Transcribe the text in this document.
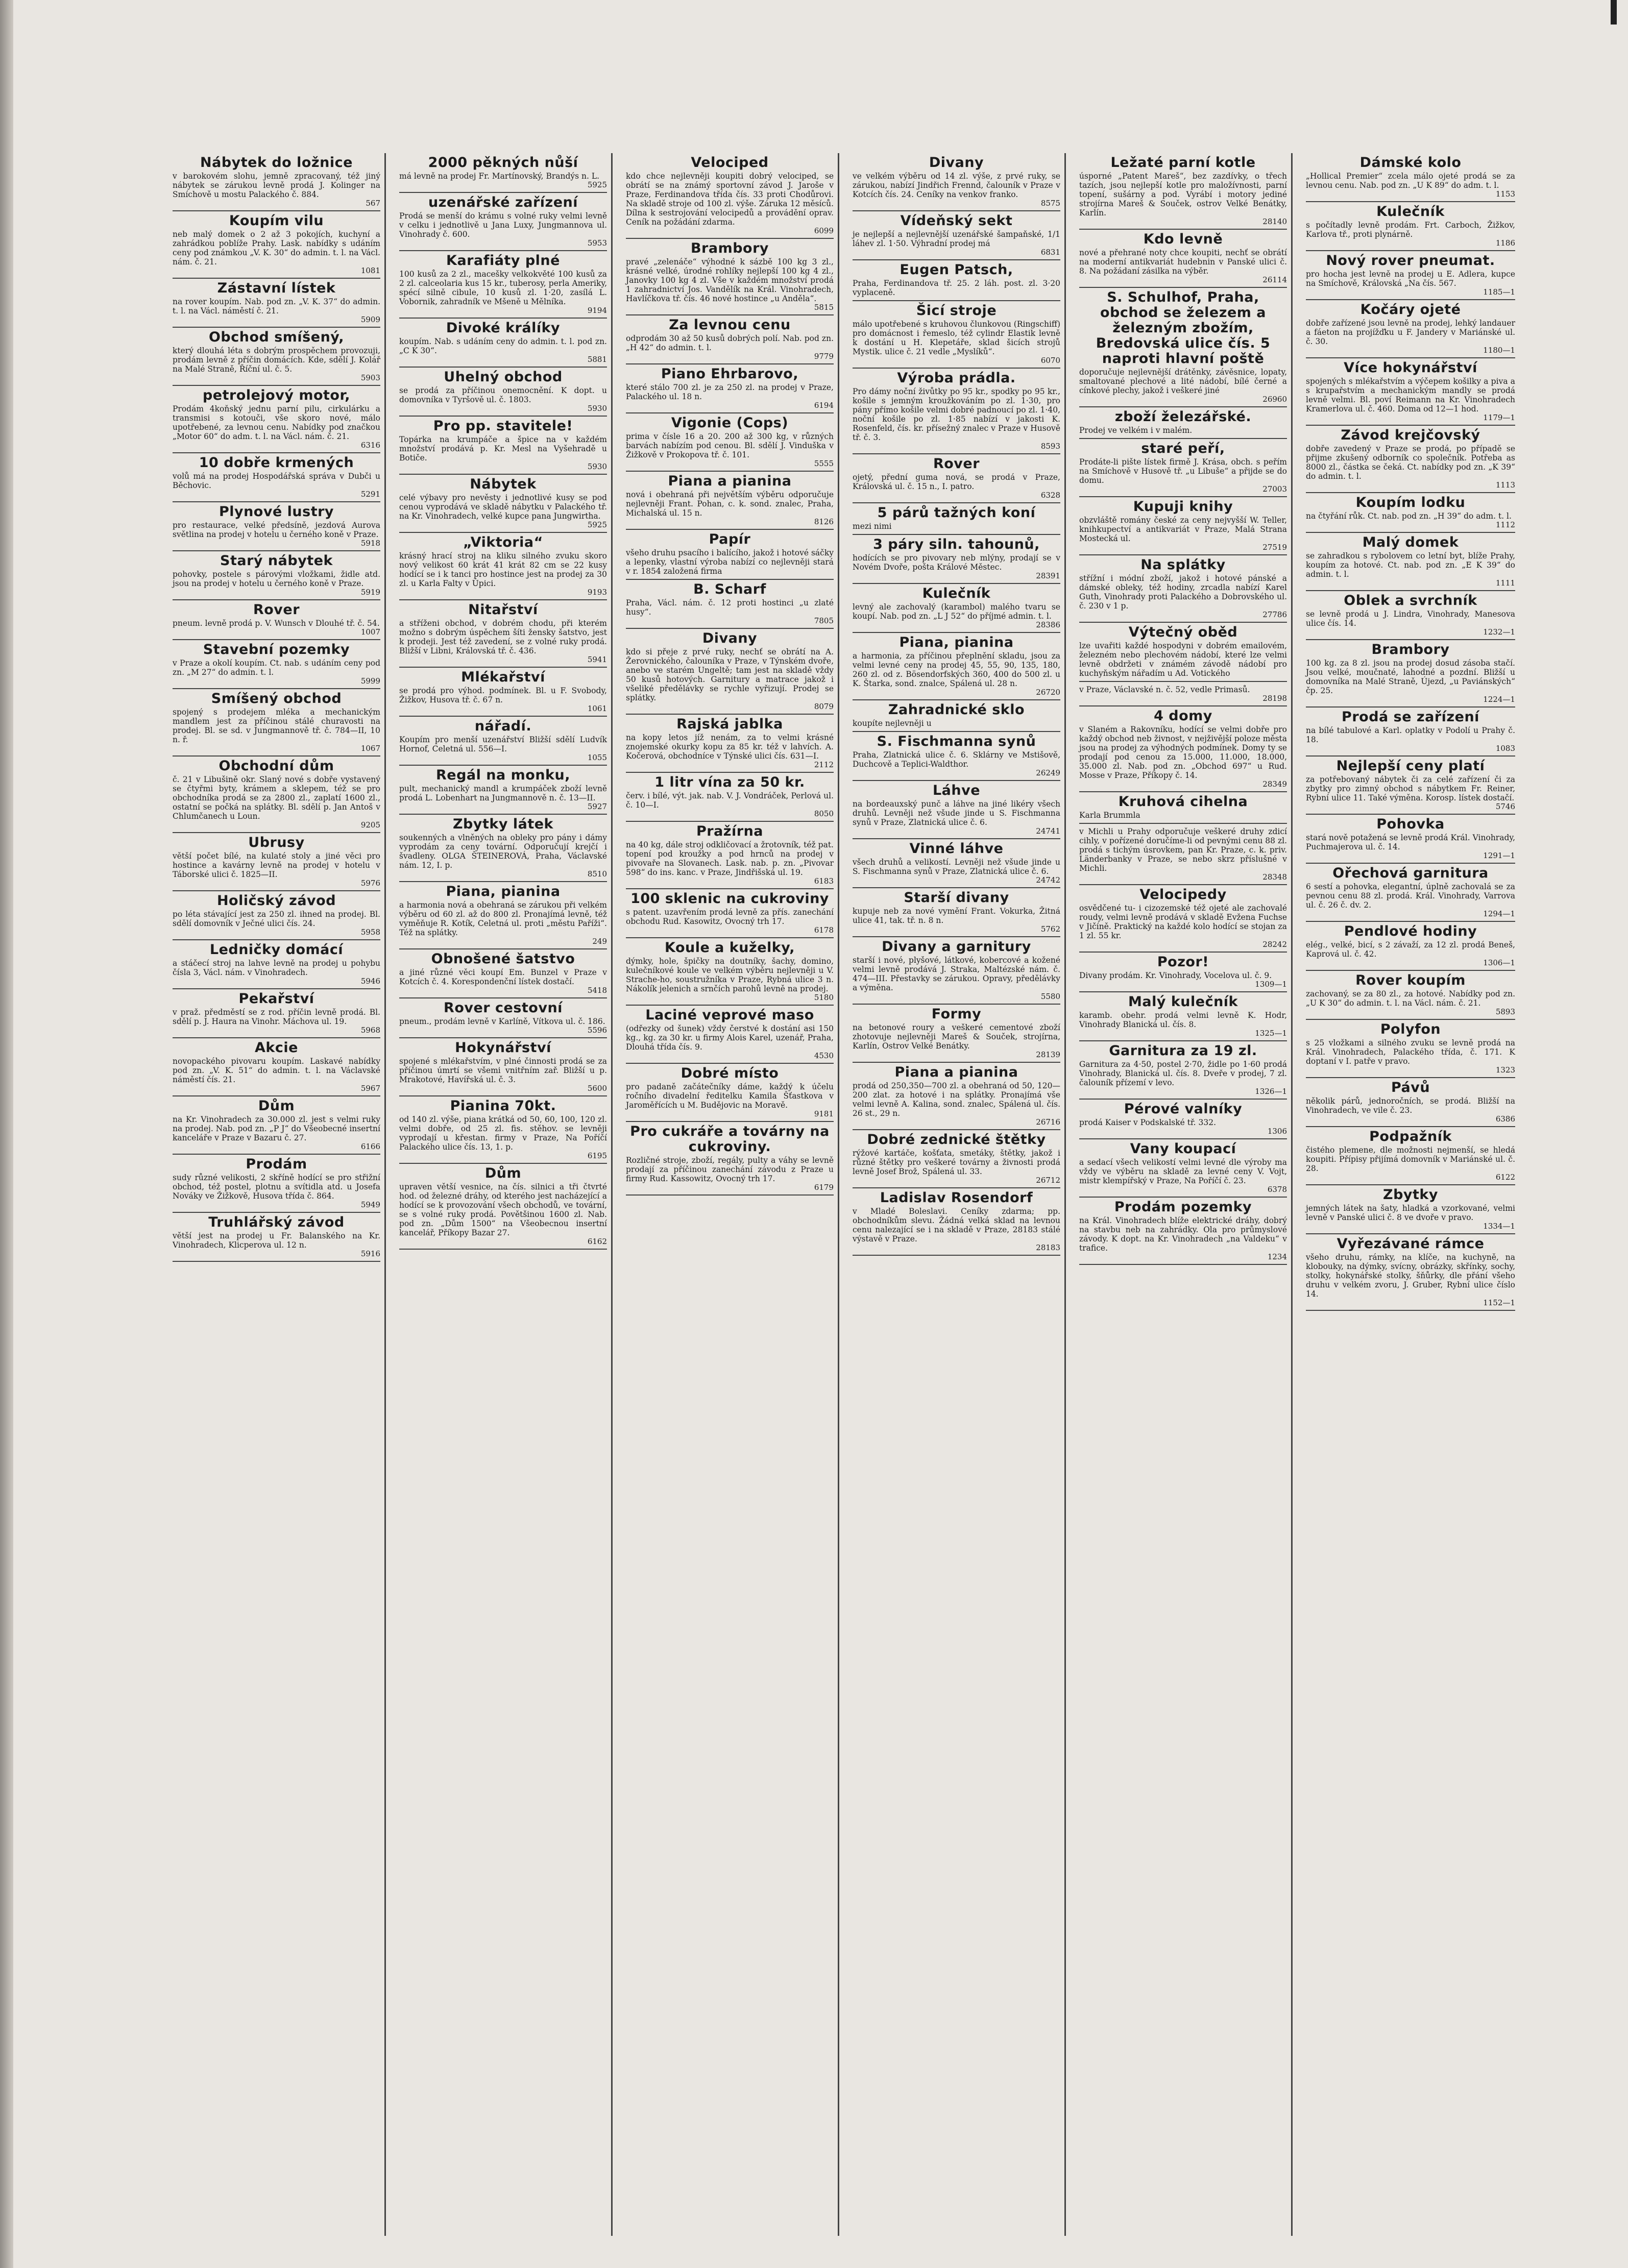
Nábytek do ložnice

v barokovém slohu, jemně zpracovaný, též jiný nábytek se zárukou levně prodá J. Kolinger na Smíchově u mostu Palackého č. 884.

567
Koupím vilu

neb malý domek o 2 až 3 pokojích, kuchyní a zahrádkou poblíže Prahy. Lask. nabídky s udáním ceny pod známkou „V. K. 30“ do admin. t. l. na Václ. nám. č. 21.

1081
Zástavní lístek

na rover koupím. Nab. pod zn. „V. K. 37“ do admin. t. l. na Václ. náměstí č. 21.

5909
Obchod smíšený,

který dlouhá léta s dobrým prospěchem provozuji, prodám levně z příčin domácích. Kde, sdělí J. Kolář na Malé Straně, Říční ul. č. 5.

5903
petrolejový motor,

Prodám 4koňský jednu parní pilu, cirkulárku a transmisi s kotouči, vše skoro nové, málo upotřebené, za levnou cenu. Nabídky pod značkou „Motor 60“ do adm. t. l. na Václ. nám. č. 21.

6316
10 dobře krmených

volů má na prodej Hospodářská správa v Dubči u Běchovic.

5291
Plynové lustry

pro restaurace, velké předsíně, jezdová Aurova světlina na prodej v hotelu u černého koně v Praze.

5918
Starý nábytek

pohovky, postele s párovými vložkami, židle atd. jsou na prodej v hotelu u černého koně v Praze.

5919
Rover

pneum. levně prodá p. V. Wunsch v Dlouhé tř. č. 54.

1007
Stavební pozemky

v Praze a okolí koupím. Ct. nab. s udáním ceny pod zn. „M 27“ do admin. t. l.

5999
Smíšený obchod

spojený s prodejem mléka a mechanickým mandlem jest za příčinou stálé churavosti na prodej. Bl. se sd. v Jungmannově tř. č. 784—II, 10 n. ř.

1067
Obchodní dům

č. 21 v Libušině okr. Slaný nové s dobře vystavený se čtyřmi byty, krámem a sklepem, též se pro obchodníka prodá se za 2800 zl., zaplatí 1600 zl., ostatní se počká na splátky. Bl. sdělí p. Jan Antoš v Chlumčanech u Loun.

9205
Ubrusy

větší počet bílé, na kulaté stoly a jiné věci pro hostince a kavárny levně na prodej v hotelu v Táborské ulici č. 1825—II.

5976
Holičský závod

po léta stávající jest za 250 zl. ihned na prodej. Bl. sdělí domovník v Ječné ulici čís. 24.

5958
Ledničky domácí

a stáčecí stroj na lahve levně na prodej u pohybu čísla 3, Václ. nám. v Vinohradech.

5946
Pekařství

v praž. předměstí se z rod. příčin levně prodá. Bl. sdělí p. J. Haura na Vinohr. Máchova ul. 19.

5968
Akcie

novopackého pivovaru koupím. Laskavé nabídky pod zn. „V. K. 51“ do admin. t. l. na Václavské náměstí čís. 21.

5967
Dům

na Kr. Vinohradech za 30.000 zl. jest s velmi ruky na prodej. Nab. pod zn. „P J“ do Všeobecné insertní kanceláře v Praze v Bazaru č. 27.

6166
Prodám

sudy různé velikosti, 2 skříně hodící se pro střižní obchod, též postel, plotnu a svítidla atd. u Josefa Nováky ve Žižkově, Husova třída č. 864.

5949
Truhlářský závod

větší jest na prodej u Fr. Balanského na Kr. Vinohradech, Klicperova ul. 12 n.

5916
2000 pěkných nůší

má levně na prodej Fr. Martínovský, Brandýs n. L.

5925
uzenářské zařízení

Prodá se menší do krámu s volné ruky velmi levně v celku i jednotlivě u Jana Luxy, Jungmannova ul. Vinohrady č. 600.

5953
Karafiáty plné

100 kusů za 2 zl., macešky velkokvěté 100 kusů za 2 zl. calceolaria kus 15 kr., tuberosy, perla Ameriky, spécí silně cibule, 10 kusů zl. 1·20, zasílá L. Vobornik, zahradník ve Mšeně u Mělníka.

9194
Divoké králíky

koupím. Nab. s udáním ceny do admin. t. l. pod zn. „C K 30“.

5881
Uhelný obchod

se prodá za příčinou onemocnění. K dopt. u domovníka v Tyršově ul. č. 1803.

5930
Pro pp. stavitele!

Topárka na krumpáče a špice na v každém množství prodává p. Kr. Mesl na Vyšehradě u Botiče.

5930
Nábytek

celé výbavy pro nevěsty i jednotlivé kusy se pod cenou vyprodává ve skladě nábytku v Palackého tř. na Kr. Vinohradech, velké kupce pana Jungwirtha.

5925
„Viktoria“

krásný hrací stroj na kliku silného zvuku skoro nový velikost 60 krát 41 krát 82 cm se 22 kusy hodící se i k tanci pro hostince jest na prodej za 30 zl. u Karla Falty v Úpici.

9193
Nitařství

a stříženi obchod, v dobrém chodu, při kterém možno s dobrým úspěchem šíti žensky šatstvo, jest k prodeji. Jest též zavedení, se z volné ruky prodá. Bližší v Libni, Královská tř. č. 436.

5941
Mlékařství

se prodá pro výhod. podmínek. Bl. u F. Svobody, Žižkov, Husova tř. č. 67 n.

1061
nářadí.

Koupím pro menší uzenářství Bližší sdělí Ludvík Hornof, Celetná ul. 556—I.

1055
Regál na monku,

pult, mechanický mandl a krumpáček zboží levně prodá L. Lobenhart na Jungmannově n. č. 13—II.

5927
Zbytky látek

soukenných a vlněných na obleky pro pány i dámy vyprodám za ceny tovární. Odporučují krejčí i švadleny. OLGA ŠTEINEROVÁ, Praha, Václavské nám. 12, I. p.

8510
Piana, pianina

a harmonia nová a obehraná se zárukou při velkém výběru od 60 zl. až do 800 zl. Pronajímá levně, též vyměňuje R. Kotík, Celetná ul. proti „městu Paříži“. Též na splátky.

249
Obnošené šatstvo

a jiné různé věci koupí Em. Bunzel v Praze v Kotcích č. 4. Korespondenční lístek dostačí.

5418
Rover cestovní

pneum., prodám levně v Karlíně, Vítkova ul. č. 186.

5596
Hokynářství

spojené s mlékařstvím, v plné činnosti prodá se za příčinou úmrtí se všemi vnitřním zař. Bližší u p. Mrakotové, Havířská ul. č. 3.

5600
Pianina 70kt.

od 140 zl. výše, piana krátká od 50, 60, 100, 120 zl. velmi dobře, od 25 zl. fis. stěhov. se levněji vyprodají u křestan. firmy v Praze, Na Poříčí Palackého ulice čís. 13, 1. p.

6195
Dům

upraven větší vesnice, na čís. silnici a tři čtvrté hod. od železné dráhy, od kterého jest nacházející a hodící se k provozování všech obchodů, ve tovární, se s volné ruky prodá. Povětšinou 1600 zl. Nab. pod zn. „Dům 1500“ na Všeobecnou insertní kancelář, Příkopy Bazar 27.

6162
Velociped

kdo chce nejlevněji koupiti dobrý velociped, se obrátí se na známý sportovní závod J. Jaroše v Praze, Ferdinandova třída čís. 33 proti Chodůrovi. Na skladě stroje od 100 zl. výše. Záruka 12 měsíců. Dílna k sestrojování velocipedů a provádění oprav. Ceník na požádání zdarma.

6099
Brambory

pravé „zelenáče“ výhodné k sázbě 100 kg 3 zl., krásné velké, úrodné rohlíky nejlepší 100 kg 4 zl., Janovky 100 kg 4 zl. Vše v každém množství prodá 1 zahradnictví Jos. Vandělík na Král. Vinohradech, Havlíčkova tř. čís. 46 nové hostince „u Anděla“.

5815
Za levnou cenu

odprodám 30 až 50 kusů dobrých polí. Nab. pod zn. „H 42“ do admin. t. l.

9779
Piano Ehrbarovo,

které stálo 700 zl. je za 250 zl. na prodej v Praze, Palackého ul. 18 n.

6194
Vigonie (Cops)

prima v čísle 16 a 20. 200 až 300 kg, v různých barvách nabízím pod cenou. Bl. sdělí J. Vinduška v Žižkově v Prokopova tř. č. 101.

5555
Piana a pianina

nová i obehraná při největším výběru odporučuje nejlevněji Frant. Pohan, c. k. sond. znalec, Praha, Michalská ul. 15 n.

8126
Papír

všeho druhu psacího i balícího, jakož i hotové sáčky a lepenky, vlastní výroba nabízí co nejlevněji stará v r. 1854 založená firma

B. Scharf

Praha, Václ. nám. č. 12 proti hostinci „u zlaté husy“.

7805
Divany

kdo si přeje z prvé ruky, nechť se obrátí na A. Žerovnického, čalouníka v Praze, v Týnském dvoře, anebo ve starém Ungeltě; tam jest na skladě vždy 50 kusů hotových. Garnitury a matrace jakož i všeliké předělávky se rychle vyřizují. Prodej se splátky.

8079
Rajská jablka

na kopy letos jíž nenám, za to velmi krásné znojemské okurky kopu za 85 kr. též v lahvích. A. Kočerová, obchodníce v Týnské ulici čís. 631—I.

2112
1 litr vína za 50 kr.

červ. i bílé, výt. jak. nab. V. J. Vondráček, Perlová ul. č. 10—I.

8050
Pražírna

na 40 kg, dále stroj odkličovací a žrotovník, též pat. topení pod kroužky a pod hrnců na prodej v pivovaře na Slovanech. Lask. nab. p. zn. „Pivovar 598“ do ins. kanc. v Praze, Jindřišská ul. 19.

6183
100 sklenic na cukroviny

s patent. uzavřením prodá levně za přís. zanechání obchodu Rud. Kasowitz, Ovocný trh 17.

6178
Koule a kuželky,

dýmky, hole, špičky na doutníky, šachy, domino, kulečníkové koule ve velkém výběru nejlevněji u V. Strache-ho, soustružníka v Praze, Rybná ulice 3 n. Nákolík jelenich a srnčích parohů levně na prodej.

5180
Laciné veprové maso

(odřezky od šunek) vždy čerstvé k dostání asi 150 kg., kg. za 30 kr. u firmy Alois Karel, uzenář, Praha, Dlouhá třída čís. 9.

4530
Dobré místo

pro padaně začátečníky dáme, každý k účelu ročního divadelní ředitelku Kamila Šťastkova v Jaroměřících u M. Budějovic na Moravě.

9181
Pro cukráře a továrny na cukroviny.

Rozličné stroje, zboží, regály, pulty a váhy se levně prodají za příčinou zanechání závodu z Praze u firmy Rud. Kassowitz, Ovocný trh 17.

6179
Divany

ve velkém výběru od 14 zl. výše, z prvé ruky, se zárukou, nabízí Jindřich Frennd, čalouník v Praze v Kotcích čís. 24. Ceníky na venkov franko.

8575
Vídeňský sekt

je nejlepší a nejlevnější uzenářské šampaňské, 1/1 láhev zl. 1·50. Výhradní prodej má

6831
Eugen Patsch,

Praha, Ferdinandova tř. 25. 2 láh. post. zl. 3·20 vyplaceně.

Šicí stroje

málo upotřebené s kruhovou člunkovou (Ringschiff) pro domácnost i řemeslo, též cylindr Elastik levně k dostání u H. Klepetáře, sklad šicích strojů Mystik. ulice č. 21 vedle „Myslíků“.

6070
Výroba prádla.

Pro dámy noční živůtky po 95 kr., spodky po 95 kr., košile s jemným kroužkováním po zl. 1·30, pro pány přímo košile velmi dobré padnoucí po zl. 1·40, noční košile po zl. 1·85 nabízí v jakosti K. Rosenfeld, čís. kr. přísežný znalec v Praze v Husově tř. č. 3.

8593
Rover

ojetý, přední guma nová, se prodá v Praze, Královská ul. č. 15 n., I. patro.

6328
5 párů tažných koní

mezi nimi

3 páry siln. tahounů,

hodících se pro pivovary neb mlýny, prodají se v Novém Dvoře, pošta Králové Městec.

28391
Kulečník

levný ale zachovalý (karambol) malého tvaru se koupí. Nab. pod zn. „L J 52“ do příjmé admin. t. l.

28386
Piana, pianina

a harmonia, za příčinou přeplnění skladu, jsou za velmi levné ceny na prodej 45, 55, 90, 135, 180, 260 zl. od z. Bösendorfských 360, 400 do 500 zl. u K. Štarka, sond. znalce, Spálená ul. 28 n.

26720
Zahradnické sklo

koupíte nejlevněji u

S. Fischmanna synů

Praha, Zlatnická ulice č. 6. Sklárny ve Mstišově, Duchcově a Teplici-Waldthor.

26249
Láhve

na bordeauxský punč a láhve na jiné likéry všech druhů. Levněji než všude jinde u S. Fischmanna synů v Praze, Zlatnická ulice č. 6.

24741
Vinné láhve

všech druhů a velikostí. Levněji než všude jinde u S. Fischmanna synů v Praze, Zlatnická ulice č. 6.

24742
Starší divany

kupuje neb za nové vymění Frant. Vokurka, Žitná ulice 41, tak. tř. n. 8 n.

5762
Divany a garnitury

starší i nové, plyšové, látkové, kobercové a kožené velmi levně prodává J. Straka, Maltézské nám. č. 474—III. Přestavky se zárukou. Opravy, předělávky a výměna.

5580
Formy

na betonové roury a veškeré cementové zboží zhotovuje nejlevněji Mareš & Souček, strojírna, Karlín, Ostrov Velké Benátky.

28139
Piana a pianina

prodá od 250,350—700 zl. a obehraná od 50, 120—200 zlat. za hotové i na splátky. Pronajímá vše velmi levně A. Kalina, sond. znalec, Spálená ul. čís. 26 st., 29 n.

26716
Dobré zednické štětky

rýžové kartáče, košťata, smetáky, štětky, jakož i různé štětky pro veškeré továrny a živnosti prodá levně Josef Brož, Spálená ul. 33.

26712
Ladislav Rosendorf

v Mladé Boleslavi. Ceníky zdarma; pp. obchodníkům slevu. Žádná velká sklad na levnou cenu nalezající se i na skladě v Praze, 28183 stálé výstavě v Praze.

28183
Ležaté parní kotle

úsporné „Patent Mareš“, bez zazdívky, o třech tazích, jsou nejlepší kotle pro maložívnosti, parní topení, sušárny a pod. Vyrábí i motory jediné strojírna Mareš & Souček, ostrov Velké Benátky, Karlín.

28140
Kdo levně

nové a přehrané noty chce koupiti, nechť se obrátí na moderní antikvariát hudebnin v Panské ulici č. 8. Na požádaní zásilka na výběr.

26114
S. Schulhof, Praha, obchod se železem a železným zbožím, Bredovská ulice čís. 5 naproti hlavní poště

doporučuje nejlevnější drátěnky, závěsnice, lopaty, smaltované plechové a lité nádobí, bílé černé a cínkové plechy, jakož i veškeré jiné

26960
zboží železářské.

Prodej ve velkém i v malém.

staré peří,

Prodáte-li pište lístek firmě J. Krása, obch. s peřím na Smíchově v Husově tř. „u Libuše“ a přijde se do domu.

27003
Kupuji knihy

obzvláště romány české za ceny nejvyšší W. Teller, knihkupectví a antikvariát v Praze, Malá Strana Mostecká ul.

27519
Na splátky

střížní i módní zboží, jakož i hotové pánské a dámské obleky, též hodiny, zrcadla nabízí Karel Guth, Vinohrady proti Palackého a Dobrovského ul. č. 230 v 1 p.

27786
Výtečný oběd

lze uvařiti každé hospodyni v dobrém emailovém, železném nebo plechovém nádobí, které lze velmi levně obdržeti v známém závodě nádobí pro kuchyňským nářadím u Ad. Votického

v Praze, Václavské n. č. 52, vedle Primasů.

28198
4 domy

v Slaném a Rakovníku, hodící se velmi dobře pro každý obchod neb živnost, v nejživější poloze města jsou na prodej za výhodných podmínek. Domy ty se prodají pod cenou za 15.000, 11.000, 18.000, 35.000 zl. Nab. pod zn. „Obchod 697“ u Rud. Mosse v Praze, Příkopy č. 14.

28349
Kruhová cihelna

Karla Brummla

v Michli u Prahy odporučuje veškeré druhy zdicí cihly, v pořízené doručíme-li od pevnými cenu 88 zl. prodá s tichým úsrovkem, pan Kr. Praze, c. k. priv. Länderbanky v Praze, se nebo skrz příslušné v Michli.

28348
Velocipedy

osvědčené tu- i cizozemské též ojeté ale zachovalé roudy, velmi levně prodává v skladě Evžena Fuchse v Jičíně. Praktický na každé kolo hodící se stojan za 1 zl. 55 kr.

28242
Pozor!

Divany prodám. Kr. Vinohrady, Vocelova ul. č. 9.

1309—1
Malý kulečník

karamb. obehr. prodá velmi levně K. Hodr, Vinohrady Blanická ul. čís. 8.

1325—1
Garnitura za 19 zl.

Garnitura za 4·50, postel 2·70, židle po 1·60 prodá Vinohrady, Blanická ul. čís. 8. Dveře v prodej, 7 zl. čalouník přízemí v levo.

1326—1
Pérové valníky

prodá Kaiser v Podskalské tř. 332.

1306
Vany koupací

a sedací všech velikostí velmi levné dle výroby ma vždy ve výběru na skladě za levné ceny V. Vojt, mistr klempířský v Praze, Na Poříčí č. 23.

6378
Prodám pozemky

na Král. Vinohradech blíže elektrické dráhy, dobrý na stavbu neb na zahrádky. Ola pro průmyslové závody. K dopt. na Kr. Vinohradech „na Valdeku“ v trafice.

1234
Dámské kolo

„Hollical Premier“ zcela málo ojeté prodá se za levnou cenu. Nab. pod zn. „U K 89“ do adm. t. l.

1153
Kulečník

s počítadly levně prodám. Frt. Carboch, Žižkov, Karlova tř., proti plynárně.

1186
Nový rover pneumat.

pro hocha jest levně na prodej u E. Adlera, kupce na Smíchově, Královská „Na čís. 567.

1185—1
Kočáry ojeté

dobře zařízené jsou levně na prodej, lehký landauer a fáeton na projížďku u F. Jandery v Mariánské ul. č. 30.

1180—1
Více hokynářství

spojených s mlékařstvím a výčepem košilky a piva a s krupařstvím a mechanickým mandly se prodá levně velmi. Bl. poví Reimann na Kr. Vinohradech Kramerlova ul. č. 460. Doma od 12—1 hod.

1179—1
Závod krejčovský

dobře zavedený v Praze se prodá, po případě se přijme zkušený odborník co společník. Potřeba as 8000 zl., částka se čeká. Ct. nabídky pod zn. „K 39“ do admin. t. l.

1113
Koupím lodku

na čtyřání růk. Ct. nab. pod zn. „H 39“ do adm. t. l.

1112
Malý domek

se zahradkou s rybolovem co letní byt, blíže Prahy, koupím za hotové. Ct. nab. pod zn. „E K 39“ do admin. t. l.

1111
Oblek a svrchník

se levně prodá u J. Lindra, Vinohrady, Manesova ulice čís. 14.

1232—1
Brambory

100 kg. za 8 zl. jsou na prodej dosud zásoba stačí. Jsou velké, moučnaté, lahodné a pozdní. Bližší u domovníka na Malé Straně, Újezd, „u Paviánských“ čp. 25.

1224—1
Prodá se zařízení

na bílé tabulové a Karl. oplatky v Podolí u Prahy č. 18.

1083
Nejlepší ceny platí

za potřebovaný nábytek či za celé zařízení či za zbytky pro zimný obchod s nábytkem Fr. Reiner, Rybní ulice 11. Také výměna. Korosp. lístek dostačí.

5746
Pohovka

stará nově potažená se levně prodá Král. Vinohrady, Puchmajerova ul. č. 14.

1291—1
Ořechová garnitura

6 sestí a pohovka, elegantní, úplně zachovalá se za pevnou cenu 88 zl. prodá. Král. Vinohrady, Varrova ul. č. 26 č. dv. 2.

1294—1
Pendlové hodiny

elég., velké, bicí, s 2 závaží, za 12 zl. prodá Beneš, Kaprová ul. č. 42.

1306—1
Rover koupím

zachovaný, se za 80 zl., za hotové. Nabídky pod zn. „U K 30“ do admin. t. l. na Václ. nám. č. 21.

5893
Polyfon

s 25 vložkami a silného zvuku se levně prodá na Král. Vinohradech, Palackého třída, č. 171. K doptaní v I. patře v pravo.

1323
Pávů

několik párů, jednoročních, se prodá. Bližší na Vinohradech, ve vile č. 23.

6386
Podpažník

čistého plemene, dle možnosti nejmenší, se hledá koupiti. Přípisy přijímá domovník v Mariánské ul. č. 28.

6122
Zbytky

jemných látek na šaty, hladká a vzorkované, velmi levně v Panské ulici č. 8 ve dvoře v pravo.

1334—1
Vyřezávané rámce

všeho druhu, rámky, na klíče, na kuchyně, na klobouky, na dýmky, svícny, obrázky, skřínky, sochy, stolky, hokynářské stolky, šňůrky, dle přání všeho druhu v velkém zvoru, J. Gruber, Rybní ulice číslo 14.

1152—1
